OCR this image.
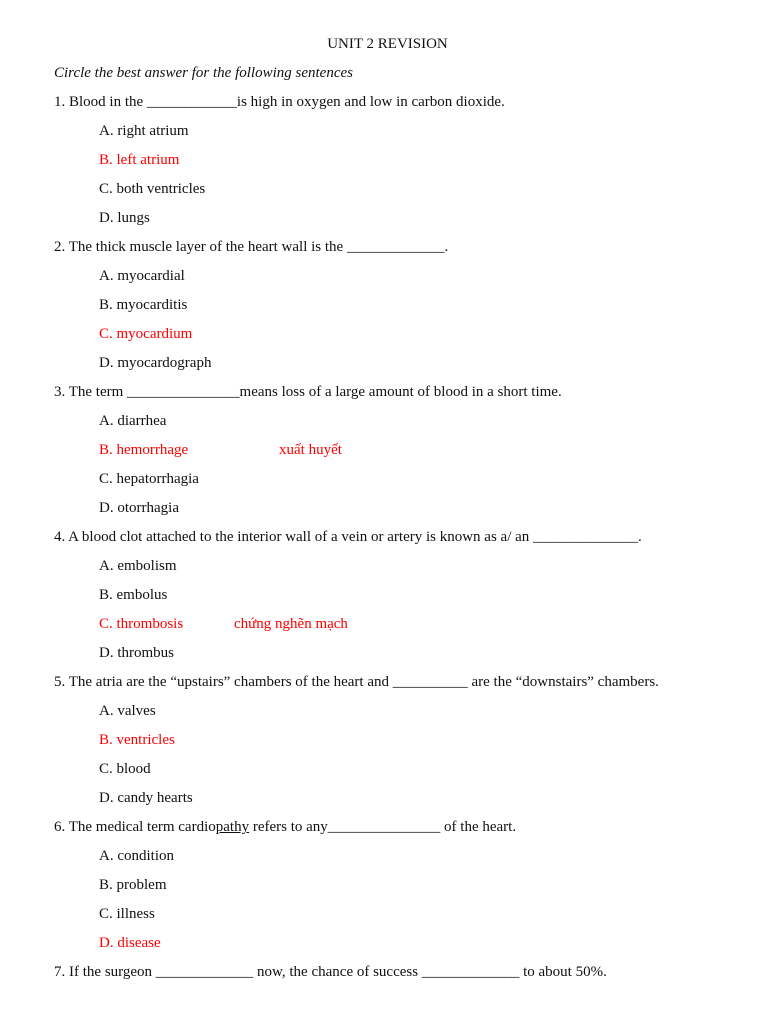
UNIT 2 REVISION
Circle the best answer for the following sentences
1. Blood in the ____________is high in oxygen and low in carbon dioxide.
A. right atrium
B. left atrium
C. both ventricles
D. lungs
2. The thick muscle layer of the heart wall is the _____________.
A. myocardial
B. myocarditis
C. myocardium
D. myocardograph
3. The term _______________means loss of a large amount of blood in a short time.
A. diarrhea
B. hemorrhage	xuất huyết
C. hepatorrhagia
D. otorrhagia
4. A blood clot attached to the interior wall of a vein or artery is known as a/ an ______________.
A. embolism
B. embolus
C. thrombosis	chứng nghẽn mạch
D. thrombus
5. The atria are the “upstairs” chambers of the heart and __________ are the “downstairs” chambers.
A. valves
B. ventricles
C. blood
D. candy hearts
6. The medical term cardiopathy refers to any_______________ of the heart.
A. condition
B. problem
C. illness
D. disease
7. If the surgeon _____________ now, the chance of success _____________ to about 50%.
